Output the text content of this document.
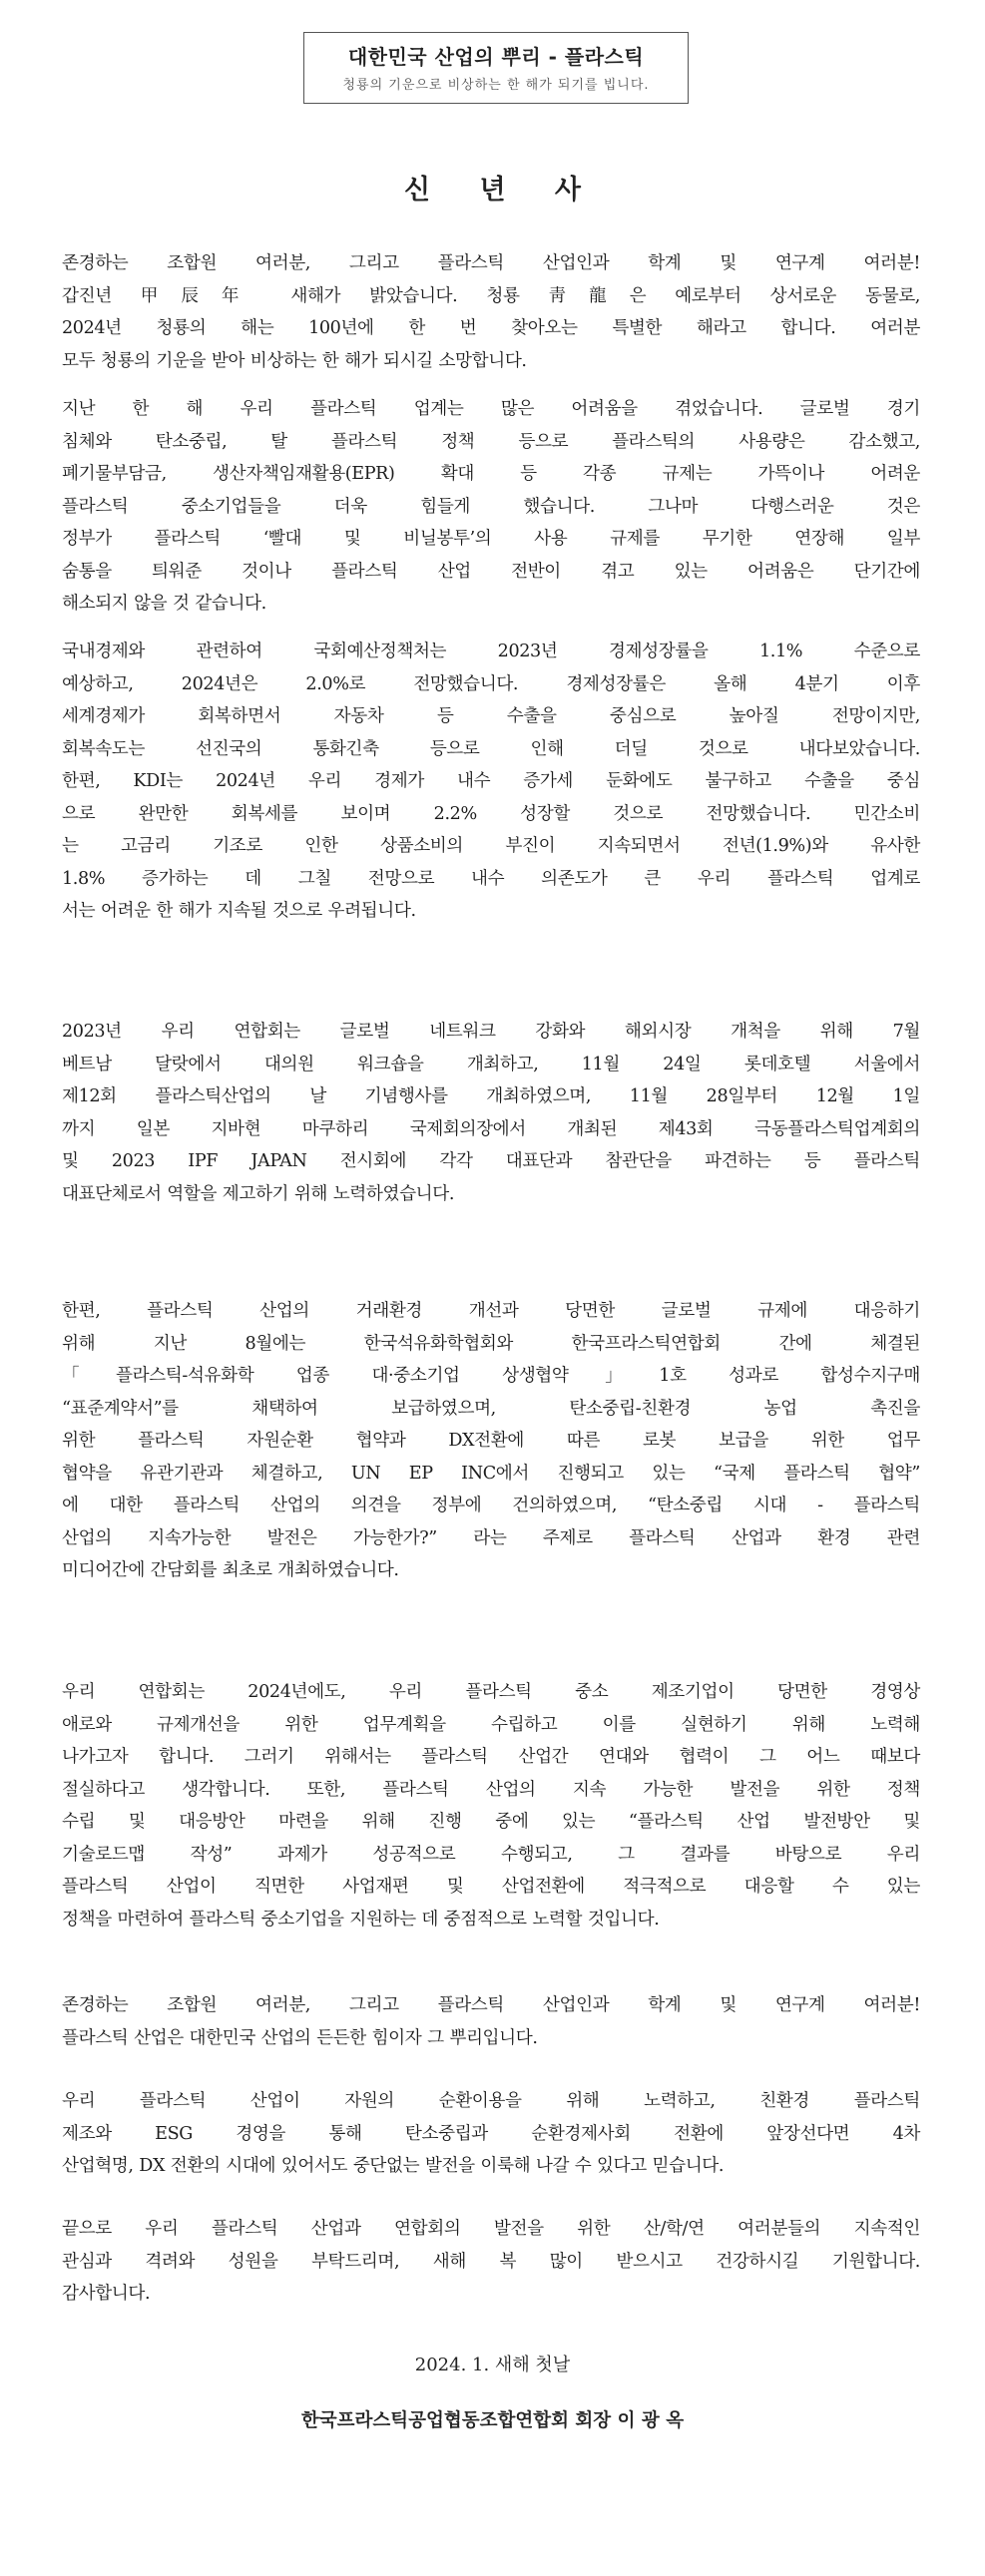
대한민국 산업의 뿌리 - 플라스틱
청룡의 기운으로 비상하는 한 해가 되기를 빕니다.
신 년 사
존경하는 조합원 여러분, 그리고 플라스틱 산업인과 학계 및 연구계 여러분!
갑진년 甲辰年 새해가 밝았습니다. 청룡 靑龍은 예로부터 상서로운 동물로,
2024년 청룡의 해는 100년에 한 번 찾아오는 특별한 해라고 합니다. 여러분
모두 청룡의 기운을 받아 비상하는 한 해가 되시길 소망합니다.
지난 한 해 우리 플라스틱 업계는 많은 어려움을 겪었습니다. 글로벌 경기
침체와 탄소중립, 탈 플라스틱 정책 등으로 플라스틱의 사용량은 감소했고,
폐기물부담금, 생산자책임재활용(EPR) 확대 등 각종 규제는 가뜩이나 어려운
플라스틱 중소기업들을 더욱 힘들게 했습니다. 그나마 다행스러운 것은
정부가 플라스틱 ‘빨대 및 비닐봉투’의 사용 규제를 무기한 연장해 일부
숨통을 틔워준 것이나 플라스틱 산업 전반이 겪고 있는 어려움은 단기간에
해소되지 않을 것 같습니다.
국내경제와 관련하여 국회예산정책처는 2023년 경제성장률을 1.1% 수준으로
예상하고, 2024년은 2.0%로 전망했습니다. 경제성장률은 올해 4분기 이후
세계경제가 회복하면서 자동차 등 수출을 중심으로 높아질 전망이지만,
회복속도는 선진국의 통화긴축 등으로 인해 더딜 것으로 내다보았습니다.
한편, KDI는 2024년 우리 경제가 내수 증가세 둔화에도 불구하고 수출을 중심
으로 완만한 회복세를 보이며 2.2% 성장할 것으로 전망했습니다. 민간소비
는 고금리 기조로 인한 상품소비의 부진이 지속되면서 전년(1.9%)와 유사한
1.8% 증가하는 데 그칠 전망으로 내수 의존도가 큰 우리 플라스틱 업계로
서는 어려운 한 해가 지속될 것으로 우려됩니다.
2023년 우리 연합회는 글로벌 네트워크 강화와 해외시장 개척을 위해 7월
베트남 달랏에서 대의원 워크숍을 개최하고, 11월 24일 롯데호텔 서울에서
제12회 플라스틱산업의 날 기념행사를 개최하였으며, 11월 28일부터 12월 1일
까지 일본 지바현 마쿠하리 국제회의장에서 개최된 제43회 극동플라스틱업계회의
및 2023 IPF JAPAN 전시회에 각각 대표단과 참관단을 파견하는 등 플라스틱
대표단체로서 역할을 제고하기 위해 노력하였습니다.
한편, 플라스틱 산업의 거래환경 개선과 당면한 글로벌 규제에 대응하기
위해 지난 8월에는 한국석유화학협회와 한국프라스틱연합회 간에 체결된
「플라스틱-석유화학 업종 대·중소기업 상생협약」1호 성과로 합성수지구매
“표준계약서”를 채택하여 보급하였으며, 탄소중립-친환경 농업 촉진을
위한 플라스틱 자원순환 협약과 DX전환에 따른 로봇 보급을 위한 업무
협약을 유관기관과 체결하고, UN EP INC에서 진행되고 있는 “국제 플라스틱 협약”
에 대한 플라스틱 산업의 의견을 정부에 건의하였으며, “탄소중립 시대 - 플라스틱
산업의 지속가능한 발전은 가능한가?” 라는 주제로 플라스틱 산업과 환경 관련
미디어간에 간담회를 최초로 개최하였습니다.
우리 연합회는 2024년에도, 우리 플라스틱 중소 제조기업이 당면한 경영상
애로와 규제개선을 위한 업무계획을 수립하고 이를 실현하기 위해 노력해
나가고자 합니다. 그러기 위해서는 플라스틱 산업간 연대와 협력이 그 어느 때보다
절실하다고 생각합니다. 또한, 플라스틱 산업의 지속 가능한 발전을 위한 정책
수립 및 대응방안 마련을 위해 진행 중에 있는 “플라스틱 산업 발전방안 및
기술로드맵 작성” 과제가 성공적으로 수행되고, 그 결과를 바탕으로 우리
플라스틱 산업이 직면한 사업재편 및 산업전환에 적극적으로 대응할 수 있는
정책을 마련하여 플라스틱 중소기업을 지원하는 데 중점적으로 노력할 것입니다.
존경하는 조합원 여러분, 그리고 플라스틱 산업인과 학계 및 연구계 여러분!
플라스틱 산업은 대한민국 산업의 든든한 힘이자 그 뿌리입니다.
우리 플라스틱 산업이 자원의 순환이용을 위해 노력하고, 친환경 플라스틱
제조와 ESG 경영을 통해 탄소중립과 순환경제사회 전환에 앞장선다면 4차
산업혁명, DX 전환의 시대에 있어서도 중단없는 발전을 이룩해 나갈 수 있다고 믿습니다.
끝으로 우리 플라스틱 산업과 연합회의 발전을 위한 산/학/연 여러분들의 지속적인
관심과 격려와 성원을 부탁드리며, 새해 복 많이 받으시고 건강하시길 기원합니다.
감사합니다.
2024. 1. 새해 첫날
한국프라스틱공업협동조합연합회 회장 이 광 옥
